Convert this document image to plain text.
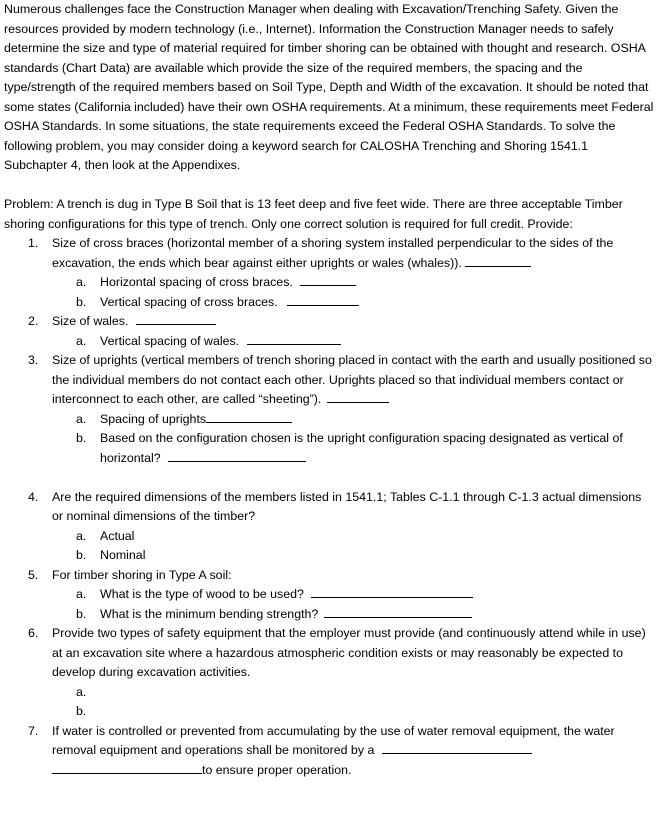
Numerous challenges face the Construction Manager when dealing with Excavation/Trenching Safety. Given the resources provided by modern technology (i.e., Internet). Information the Construction Manager needs to safely determine the size and type of material required for timber shoring can be obtained with thought and research. OSHA standards (Chart Data) are available which provide the size of the required members, the spacing and the type/strength of the required members based on Soil Type, Depth and Width of the excavation. It should be noted that some states (California included) have their own OSHA requirements. At a minimum, these requirements meet Federal OSHA Standards. In some situations, the state requirements exceed the Federal OSHA Standards. To solve the following problem, you may consider doing a keyword search for CALOSHA Trenching and Shoring 1541.1 Subchapter 4, then look at the Appendixes.

Problem: A trench is dug in Type B Soil that is 13 feet deep and five feet wide. There are three acceptable Timber shoring configurations for this type of trench. Only one correct solution is required for full credit. Provide:

1. Size of cross braces (horizontal member of a shoring system installed perpendicular to the sides of the excavation, the ends which bear against either uprights or wales (whales)).
a. Horizontal spacing of cross braces.
b. Vertical spacing of cross braces.
2. Size of wales.
a. Vertical spacing of wales.
3. Size of uprights (vertical members of trench shoring placed in contact with the earth and usually positioned so the individual members do not contact each other. Uprights placed so that individual members contact or interconnect to each other, are called “sheeting”).
a. Spacing of uprights
b. Based on the configuration chosen is the upright configuration spacing designated as vertical of horizontal?
4. Are the required dimensions of the members listed in 1541.1; Tables C-1.1 through C-1.3 actual dimensions or nominal dimensions of the timber?
a. Actual
b. Nominal
5. For timber shoring in Type A soil:
a. What is the type of wood to be used?
b. What is the minimum bending strength?
6. Provide two types of safety equipment that the employer must provide (and continuously attend while in use) at an excavation site where a hazardous atmospheric condition exists or may reasonably be expected to develop during excavation activities.
a.

b.

7. If water is controlled or prevented from accumulating by the use of water removal equipment, the water removal equipment and operations shall be monitored by a
to ensure proper operation.
